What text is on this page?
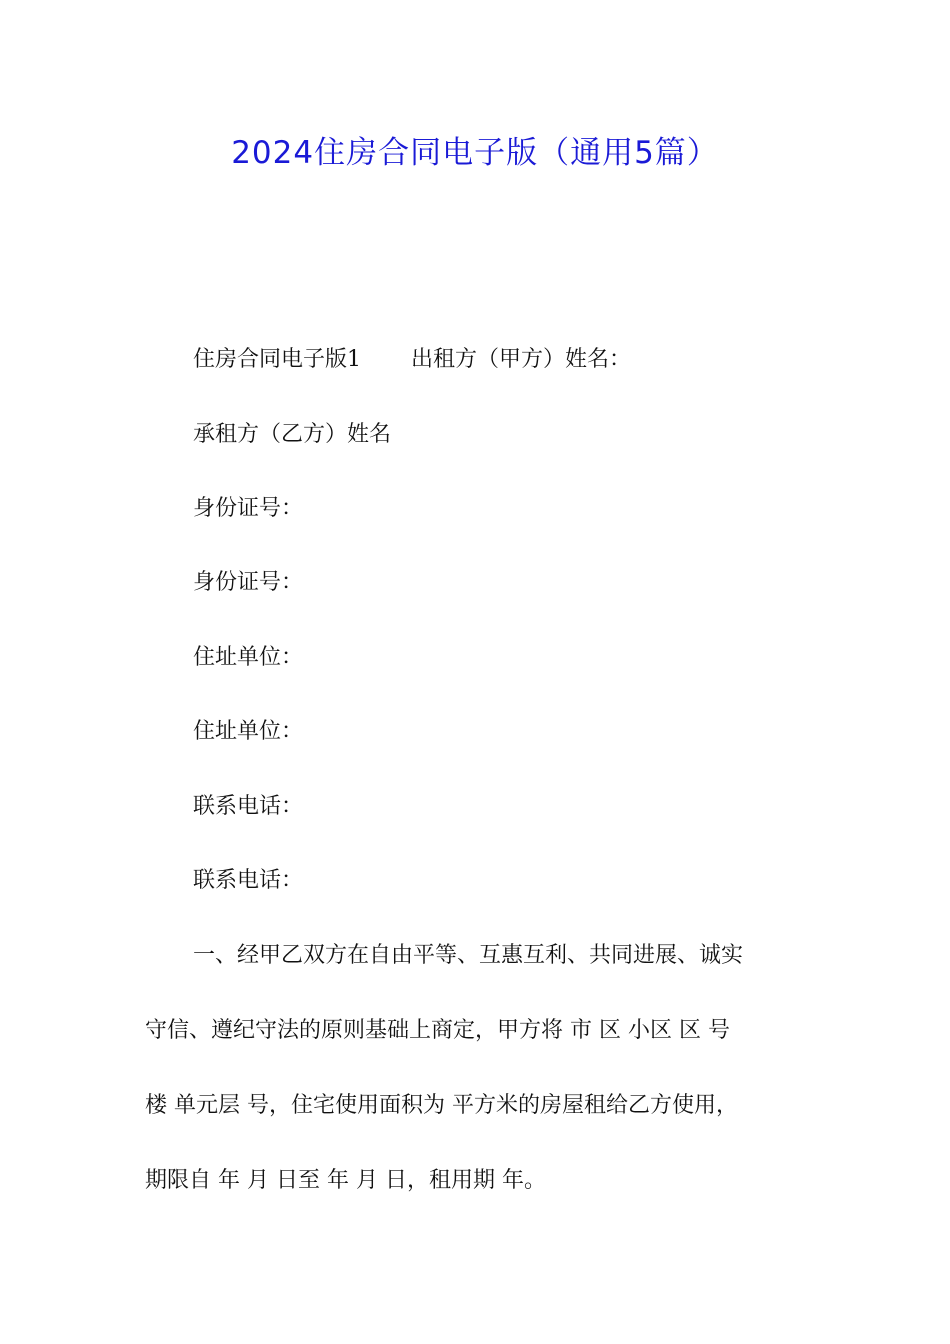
2024住房合同电子版（通用5篇）

住房合同电子版1 出租方（甲方）姓名：

承租方（乙方）姓名

身份证号：

身份证号：

住址单位：

住址单位：

联系电话：

联系电话：

一、经甲乙双方在自由平等、互惠互利、共同进展、诚实

守信、遵纪守法的原则基础上商定，甲方将 市 区 小区 区 号

楼 单元层 号，住宅使用面积为 平方米的房屋租给乙方使用，

期限自 年 月 日至 年 月 日，租用期 年。
